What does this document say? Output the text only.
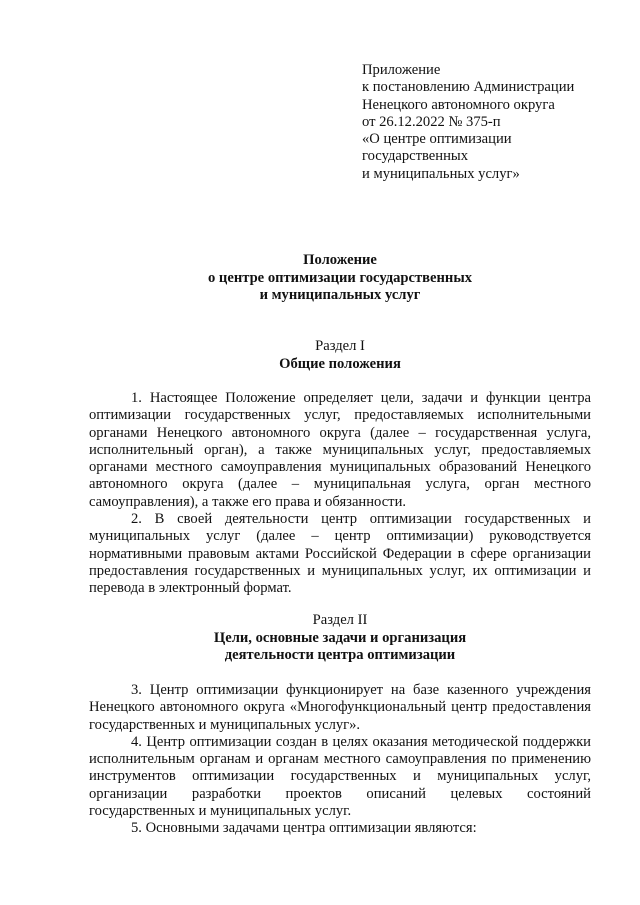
Приложение
к постановлению Администрации
Ненецкого автономного округа
от 26.12.2022 № 375-п
«О центре оптимизации
государственных
и муниципальных услуг»
Положение
о центре оптимизации государственных
и муниципальных услуг
Раздел I
Общие положения

1. Настоящее Положение определяет цели, задачи и функции центра оптимизации государственных услуг, предоставляемых исполнительными органами Ненецкого автономного округа (далее – государственная услуга, исполнительный орган), а также муниципальных услуг, предоставляемых органами местного самоуправления муниципальных образований Ненецкого автономного округа (далее – муниципальная услуга, орган местного самоуправления), а также его права и обязанности.

2. В своей деятельности центр оптимизации государственных и муниципальных услуг (далее – центр оптимизации) руководствуется нормативными правовым актами Российской Федерации в сфере организации предоставления государственных и муниципальных услуг, их оптимизации и перевода в электронный формат.

Раздел II
Цели, основные задачи и организация
деятельности центра оптимизации

3. Центр оптимизации функционирует на базе казенного учреждения Ненецкого автономного округа «Многофункциональный центр предоставления государственных и муниципальных услуг».

4. Центр оптимизации создан в целях оказания методической поддержки исполнительным органам и органам местного самоуправления по применению инструментов оптимизации государственных и муниципальных услуг, организации разработки проектов описаний целевых состояний государственных и муниципальных услуг.

5. Основными задачами центра оптимизации являются:
